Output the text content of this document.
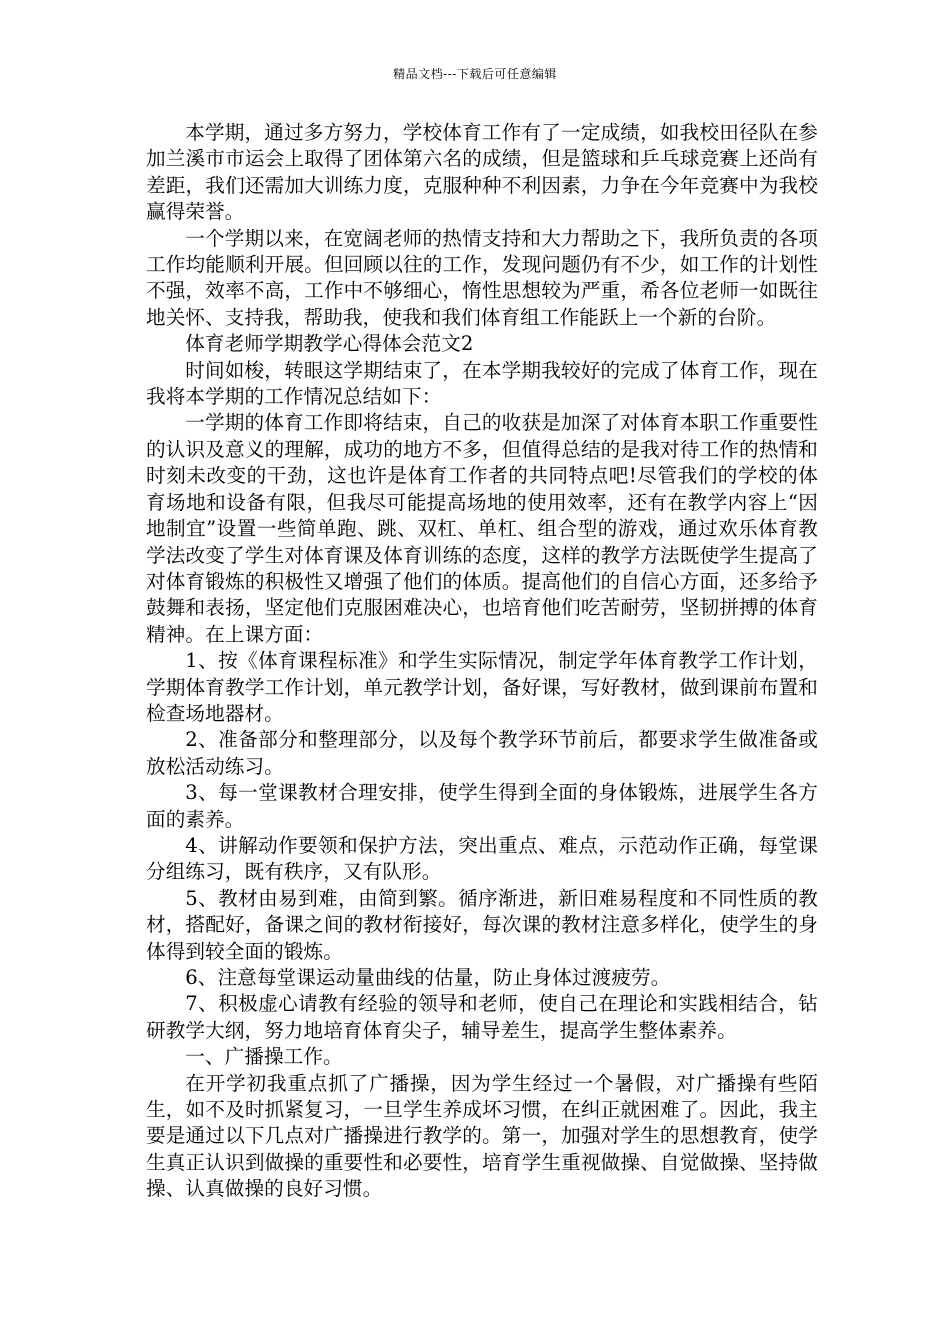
精品文档---下载后可任意编辑

本学期，通过多方努力，学校体育工作有了一定成绩，如我校田径队在参加兰溪市市运会上取得了团体第六名的成绩，但是篮球和乒乓球竞赛上还尚有差距，我们还需加大训练力度，克服种种不利因素，力争在今年竞赛中为我校赢得荣誉。

一个学期以来，在宽阔老师的热情支持和大力帮助之下，我所负责的各项工作均能顺利开展。但回顾以往的工作，发现问题仍有不少，如工作的计划性不强，效率不高，工作中不够细心，惰性思想较为严重，希各位老师一如既往地关怀、支持我，帮助我，使我和我们体育组工作能跃上一个新的台阶。

体育老师学期教学心得体会范文2

时间如梭，转眼这学期结束了，在本学期我较好的完成了体育工作，现在我将本学期的工作情况总结如下：

一学期的体育工作即将结束，自己的收获是加深了对体育本职工作重要性的认识及意义的理解，成功的地方不多，但值得总结的是我对待工作的热情和时刻未改变的干劲，这也许是体育工作者的共同特点吧!尽管我们的学校的体育场地和设备有限，但我尽可能提高场地的使用效率，还有在教学内容上“因地制宜”设置一些简单跑、跳、双杠、单杠、组合型的游戏，通过欢乐体育教学法改变了学生对体育课及体育训练的态度，这样的教学方法既使学生提高了对体育锻炼的积极性又增强了他们的体质。提高他们的自信心方面，还多给予鼓舞和表扬，坚定他们克服困难决心，也培育他们吃苦耐劳，坚韧拼搏的体育精神。在上课方面：

1、按《体育课程标准》和学生实际情况，制定学年体育教学工作计划，学期体育教学工作计划，单元教学计划，备好课，写好教材，做到课前布置和检查场地器材。

2、准备部分和整理部分，以及每个教学环节前后，都要求学生做准备或放松活动练习。

3、每一堂课教材合理安排，使学生得到全面的身体锻炼，进展学生各方面的素养。

4、讲解动作要领和保护方法，突出重点、难点，示范动作正确，每堂课分组练习，既有秩序，又有队形。

5、教材由易到难，由简到繁。循序渐进，新旧难易程度和不同性质的教材，搭配好，备课之间的教材衔接好，每次课的教材注意多样化，使学生的身体得到较全面的锻炼。

6、注意每堂课运动量曲线的估量，防止身体过渡疲劳。

7、积极虚心请教有经验的领导和老师，使自己在理论和实践相结合，钻研教学大纲，努力地培育体育尖子，辅导差生，提高学生整体素养。

一、广播操工作。

在开学初我重点抓了广播操，因为学生经过一个暑假，对广播操有些陌生，如不及时抓紧复习，一旦学生养成坏习惯，在纠正就困难了。因此，我主要是通过以下几点对广播操进行教学的。第一，加强对学生的思想教育，使学生真正认识到做操的重要性和必要性，培育学生重视做操、自觉做操、坚持做操、认真做操的良好习惯。
